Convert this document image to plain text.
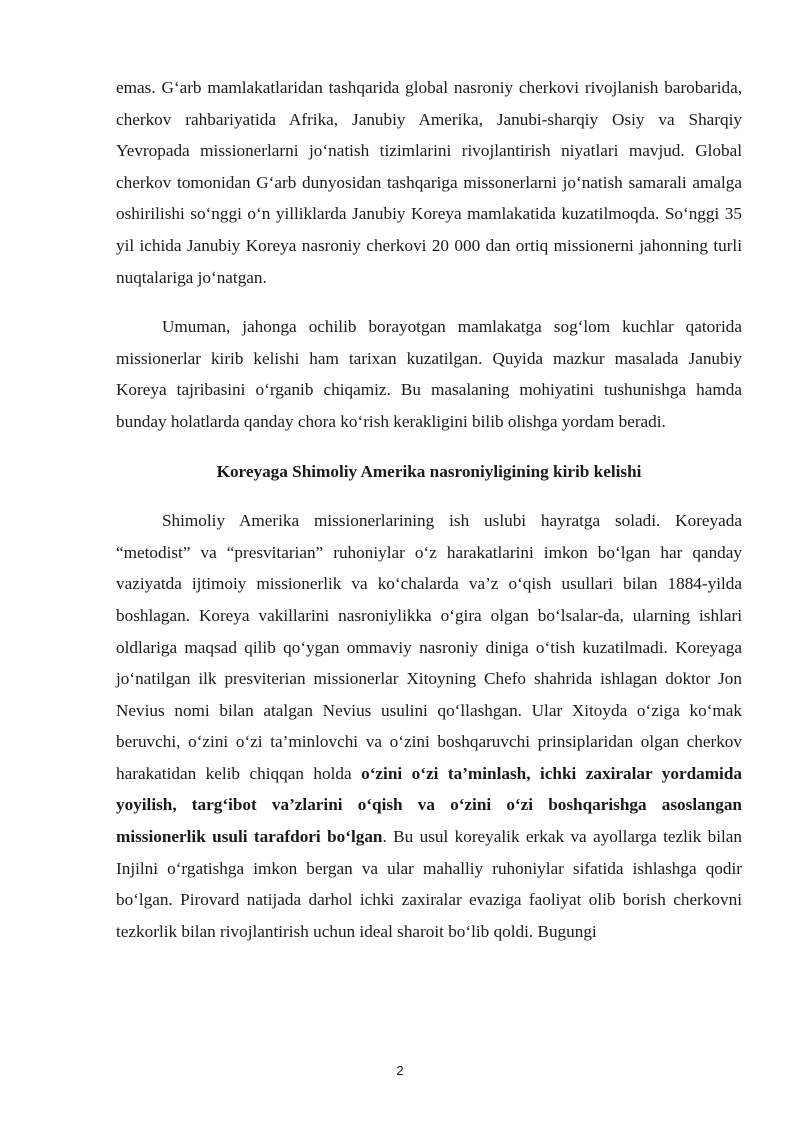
emas. G‘arb mamlakatlaridan tashqarida global nasroniy cherkovi rivojlanish barobarida, cherkov rahbariyatida Afrika, Janubiy Amerika, Janubi-sharqiy Osiy va Sharqiy Yevropada missionerlarni jo‘natish tizimlarini rivojlantirish niyatlari mavjud. Global cherkov tomonidan G‘arb dunyosidan tashqariga missonerlarni jo‘natish samarali amalga oshirilishi so‘nggi o‘n yilliklarda Janubiy Koreya mamlakatida kuzatilmoqda. So‘nggi 35 yil ichida Janubiy Koreya nasroniy cherkovi 20 000 dan ortiq missionerni jahonning turli nuqtalariga jo‘natgan.

Umuman, jahonga ochilib borayotgan mamlakatga sog‘lom kuchlar qatorida missionerlar kirib kelishi ham tarixan kuzatilgan. Quyida mazkur masalada Janubiy Koreya tajribasini o‘rganib chiqamiz. Bu masalaning mohiyatini tushunishga hamda bunday holatlarda qanday chora ko‘rish kerakligini bilib olishga yordam beradi.

Koreyaga Shimoliy Amerika nasroniyligining kirib kelishi

Shimoliy Amerika missionerlarining ish uslubi hayratga soladi. Koreyada “metodist” va “presvitarian” ruhoniylar o‘z harakatlarini imkon bo‘lgan har qanday vaziyatda ijtimoiy missionerlik va ko‘chalarda va’z o‘qish usullari bilan 1884-yilda boshlagan. Koreya vakillarini nasroniylikka o‘gira olgan bo‘lsalar-da, ularning ishlari oldlariga maqsad qilib qo‘ygan ommaviy nasroniy diniga o‘tish kuzatilmadi. Koreyaga jo‘natilgan ilk presviterian missionerlar Xitoyning Chefo shahrida ishlagan doktor Jon Nevius nomi bilan atalgan Nevius usulini qo‘llashgan. Ular Xitoyda o‘ziga ko‘mak beruvchi, o‘zini o‘zi ta’minlovchi va o‘zini boshqaruvchi prinsiplaridan olgan cherkov harakatidan kelib chiqqan holda o‘zini o‘zi ta’minlash, ichki zaxiralar yordamida yoyilish, targ‘ibot va’zlarini o‘qish va o‘zini o‘zi boshqarishga asoslangan missionerlik usuli tarafdori bo‘lgan. Bu usul koreyalik erkak va ayollarga tezlik bilan Injilni o‘rgatishga imkon bergan va ular mahalliy ruhoniylar sifatida ishlashga qodir bo‘lgan. Pirovard natijada darhol ichki zaxiralar evaziga faoliyat olib borish cherkovni tezkorlik bilan rivojlantirish uchun ideal sharoit bo‘lib qoldi. Bugungi

2
